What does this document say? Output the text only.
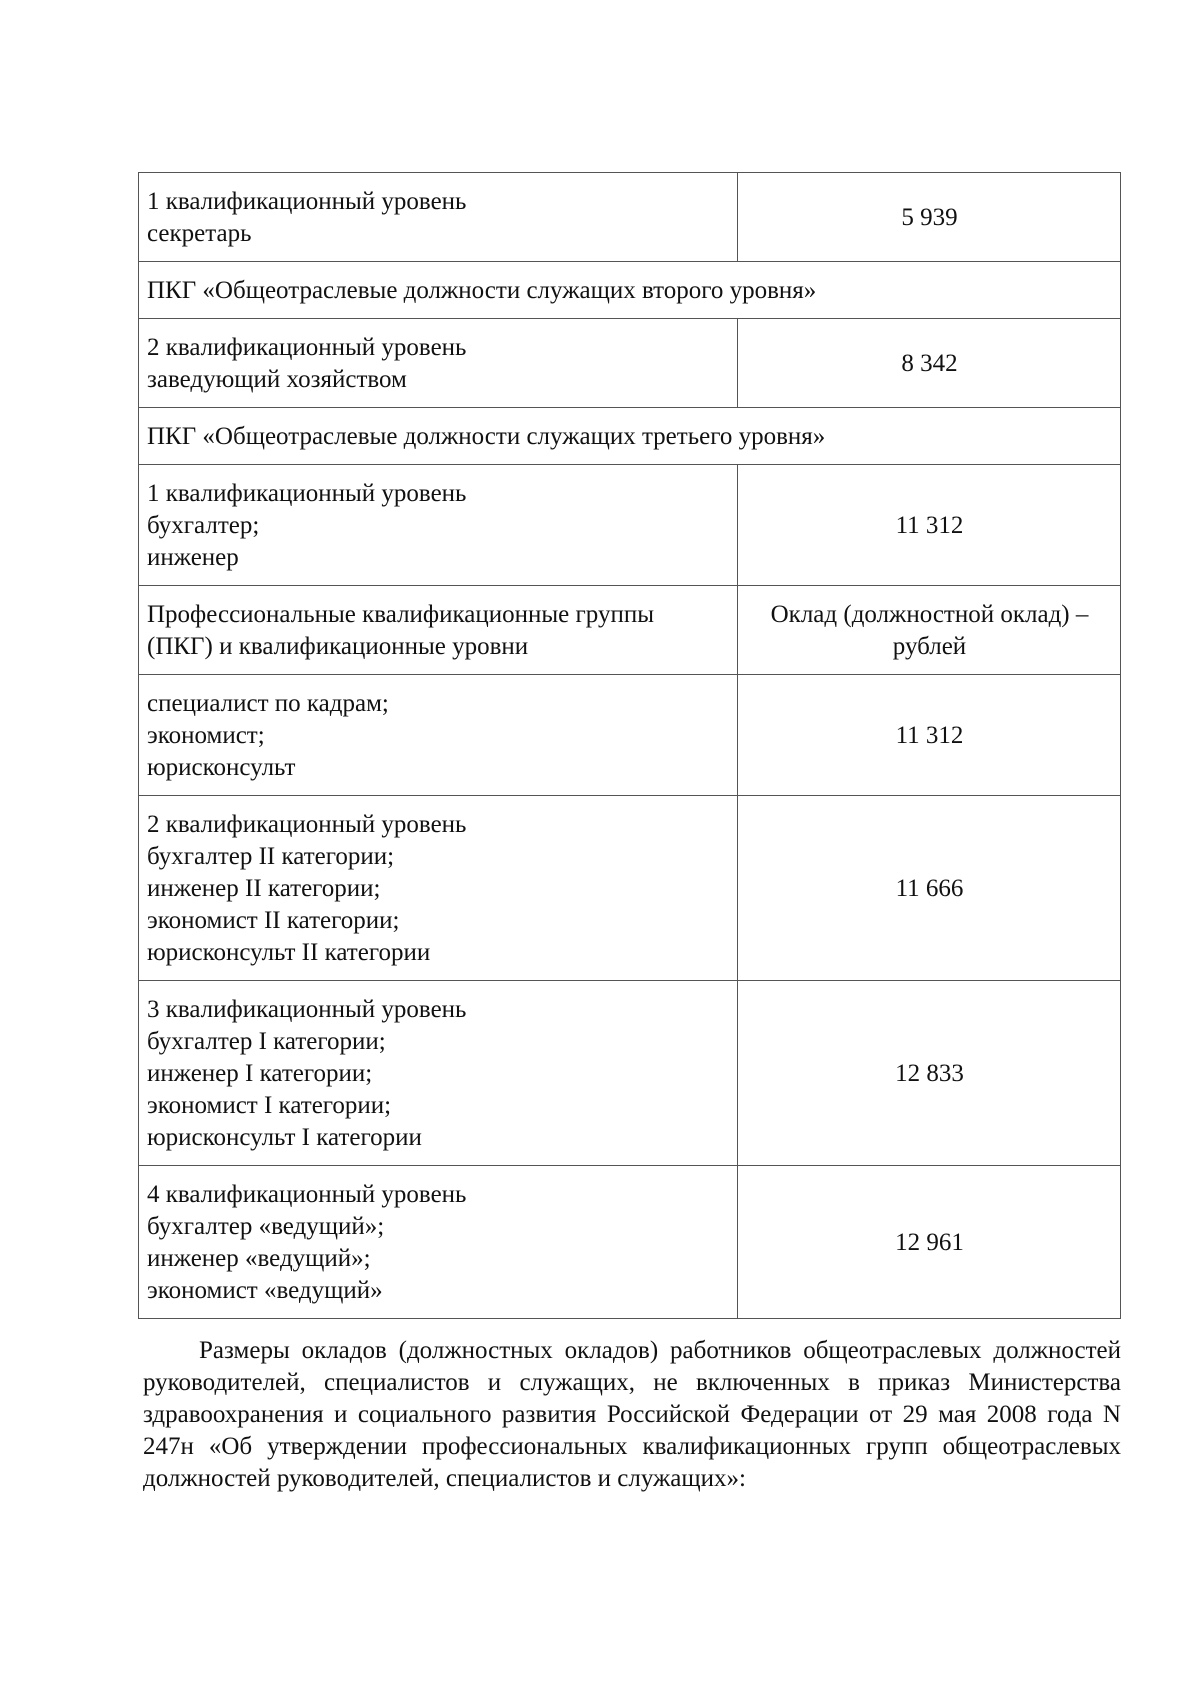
1 квалификационный уровень
секретарь	5 939
ПКГ «Общеотраслевые должности служащих второго уровня»	

2 квалификационный уровень
заведующий хозяйством	8 342
ПКГ «Общеотраслевые должности служащих третьего уровня»	

1 квалификационный уровень
бухгалтер;
инженер	11 312

Профессиональные квалификационные группы
(ПКГ) и квалификационные уровни	Оклад (должностной оклад) –
рублей

специалист по кадрам;
экономист;
юрисконсульт	11 312

2 квалификационный уровень
бухгалтер II категории;
инженер II категории;
экономист II категории;
юрисконсульт II категории	11 666

3 квалификационный уровень
бухгалтер I категории;
инженер I категории;
экономист I категории;
юрисконсульт I категории	12 833

4 квалификационный уровень
бухгалтер «ведущий»;
инженер «ведущий»;
экономист «ведущий»	12 961

Размеры окладов (должностных окладов) работников общеотраслевых должностей руководителей, специалистов и служащих, не включенных в приказ Министерства здравоохранения и социального развития Российской Федерации от 29 мая 2008 года N 247н «Об утверждении профессиональных квалификационных групп общеотраслевых должностей руководителей, специалистов и служащих»:
